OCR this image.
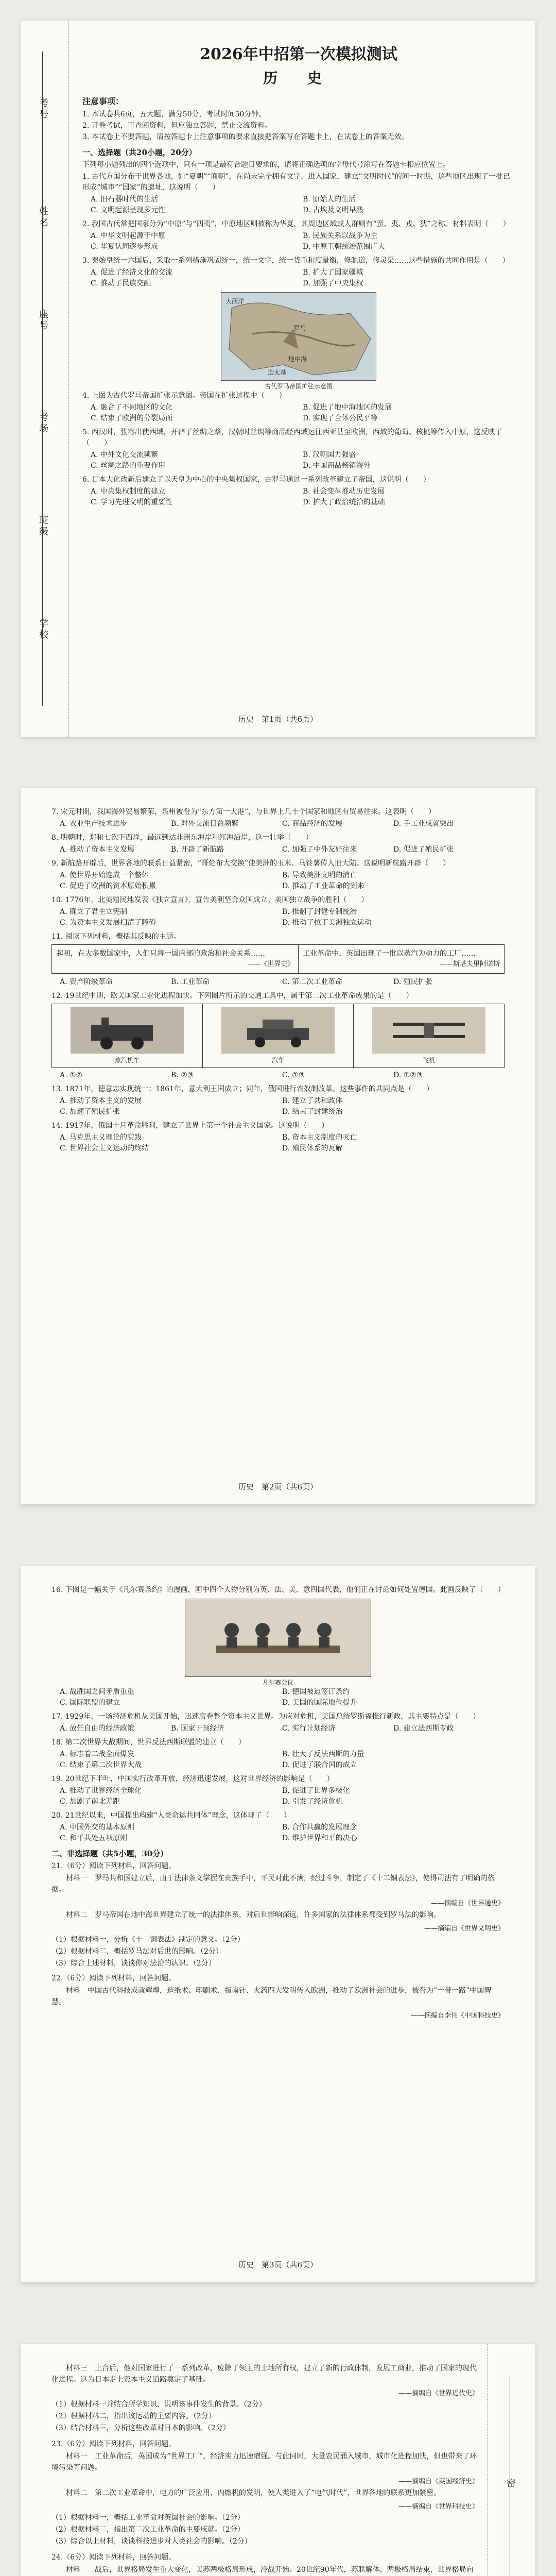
考号
姓名
座号
考场
班级
学校
2026年中招第一次模拟测试
历 史
注意事项：
1. 本试卷共6页，五大题，满分50分，考试时间50分钟。
2. 开卷考试，可查阅资料，但应独立答题，禁止交流资料。
3. 本试卷上不要答题，请按答题卡上注意事项的要求直接把答案写在答题卡上，在试卷上的答案无效。
一、选择题（共20小题，20分）
下列每小题列出的四个选项中，只有一项是最符合题目要求的，请将正确选项的字母代号涂写在答题卡相应位置上。
1. 古代方国分布于世界各地，如“夏朝”“商朝”，在尚未完全拥有文字，进入国家，建立“文明时代”的同一时期，这些地区出现了一批已形成“城市”“国家”的遗址，这说明（　　）
A. 旧石器时代的生活	B. 原始人的生活
C. 文明起源呈现多元性	D. 古埃及文明早熟
2. 我国古代常把国家分为“中原”与“四夷”，中原地区则被称为华夏，其周边区域或人群则有“蛮、夷、戎、狄”之称。材料表明（　　）
A. 中华文明起源于中原	B. 民族关系以战争为主
C. 华夏认同逐步形成	D. 中原王朝统治范围广大
3. 秦始皇统一六国后，采取一系列措施巩固统一，统一文字，统一货币和度量衡，修驰道，修灵渠……这些措施的共同作用是（　　）
A. 促进了经济文化的交流	B. 扩大了国家疆域
C. 推动了民族交融	D. 加强了中央集权
大西洋
地中海
罗马
迦太基
古代罗马帝国扩张示意图
4. 上图为古代罗马帝国扩张示意图。帝国在扩张过程中（　　）
A. 融合了不同地区的文化	B. 促进了地中海地区的发展
C. 结束了欧洲的分裂局面	D. 实现了全体公民平等
5. 西汉时，张骞出使西域，开辟了丝绸之路，汉朝时丝绸等商品经西域运往西亚甚至欧洲，西域的葡萄、核桃等传入中原，这反映了（　　）
A. 中外文化交流频繁	B. 汉朝国力强盛
C. 丝绸之路的重要作用	D. 中国商品畅销海外
6. 日本大化改新后建立了以天皇为中心的中央集权国家，古罗马通过一系列改革建立了帝国，这说明（　　）
A. 中央集权制度的建立	B. 社会变革推动历史发展
C. 学习先进文明的重要性	D. 扩大了政治统治的基础
历史　第1页（共6页）
7. 宋元时期，我国海外贸易繁荣，泉州被誉为“东方第一大港”，与世界上几十个国家和地区有贸易往来。这表明（　　）
A. 农业生产技术进步	B. 对外交流日益频繁	C. 商品经济的发展	D. 手工业成就突出
8. 明朝时，郑和七次下西洋，最远到达非洲东海岸和红海沿岸，这一壮举（　　）
A. 推动了资本主义发展	B. 开辟了新航路	C. 加强了中外友好往来	D. 促进了殖民扩张
9. 新航路开辟后，世界各地的联系日益紧密，“哥伦布大交换”使美洲的玉米、马铃薯传入旧大陆。这说明新航路开辟（　　）
A. 使世界开始连成一个整体	B. 导致美洲文明的消亡
C. 促进了欧洲的资本原始积累	D. 推动了工业革命的到来
10. 1776年，北美殖民地发表《独立宣言》，宣告美利坚合众国成立。美国独立战争的胜利（　　）
A. 确立了君主立宪制	B. 推翻了封建专制统治
C. 为资本主义发展扫清了障碍	D. 推动了拉丁美洲独立运动
11. 阅读下列材料，概括其反映的主题。
起初，在大多数国家中，人们只将一国内部的政治和社会关系……
——《世界史》

工业革命中，英国出现了一批以蒸汽为动力的工厂……
——斯塔夫里阿诺斯
A. 资产阶级革命	B. 工业革命	C. 第二次工业革命	D. 殖民扩张
12. 19世纪中期，欧美国家工业化进程加快。下列图片所示的交通工具中，属于第二次工业革命成果的是（　　）
蒸汽机车	汽车	飞机
A. ①②	B. ②③	C. ①③	D. ①②③
13. 1871年，德意志实现统一；1861年，意大利王国成立；同年，俄国进行农奴制改革。这些事件的共同点是（　　）
A. 推动了资本主义的发展	B. 建立了共和政体
C. 加速了殖民扩张	D. 结束了封建统治
14. 1917年，俄国十月革命胜利，建立了世界上第一个社会主义国家。这说明（　　）
A. 马克思主义理论的实践	B. 资本主义制度的灭亡
C. 世界社会主义运动的终结	D. 殖民体系的瓦解
历史　第2页（共6页）
16. 下图是一幅关于《凡尔赛条约》的漫画，画中四个人物分别为英、法、美、意四国代表，他们正在讨论如何处置德国。此画反映了（　　）
凡尔赛会议
A. 战胜国之间矛盾重重	B. 德国被迫签订条约
C. 国际联盟的建立	D. 美国的国际地位提升
17. 1929年，一场经济危机从美国开始，迅速席卷整个资本主义世界。为应对危机，美国总统罗斯福推行新政，其主要特点是（　　）
A. 放任自由的经济政策	B. 国家干预经济	C. 实行计划经济	D. 建立法西斯专政
18. 第二次世界大战期间，世界反法西斯联盟的建立（　　）
A. 标志着二战全面爆发	B. 壮大了反法西斯的力量
C. 结束了第二次世界大战	D. 促进了联合国的成立
19. 20世纪下半叶，中国实行改革开放，经济迅速发展，这对世界经济的影响是（　　）
A. 推动了世界经济全球化	B. 促进了世界多极化
C. 加剧了南北差距	D. 引发了经济危机
20. 21世纪以来，中国提出构建“人类命运共同体”理念，这体现了（　　）
A. 中国外交的基本原则	B. 合作共赢的发展理念
C. 和平共处五项原则	D. 维护世界和平的决心
二、非选择题（共5小题，30分）
21.（6分）阅读下列材料，回答问题。
材料一　罗马共和国建立后，由于法律条文掌握在贵族手中，平民对此不满，经过斗争，制定了《十二铜表法》，使得司法有了明确的依据。
——摘编自《世界通史》
材料二　罗马帝国在地中海世界建立了统一的法律体系，对后世影响深远，许多国家的法律体系都受到罗马法的影响。
——摘编自《世界文明史》
（1）根据材料一，分析《十二铜表法》制定的意义。（2分）
（2）根据材料二，概括罗马法对后世的影响。（2分）
（3）综合上述材料，谈谈你对法治的认识。（2分）
22.（6分）阅读下列材料，回答问题。
材料　中国古代科技成就辉煌，造纸术、印刷术、指南针、火药四大发明传入欧洲，推动了欧洲社会的进步，被誉为“一带一路”中国智慧。
——摘编自李伟《中国科技史》
历史　第3页（共6页）
密
材料三　上台后，他对国家进行了一系列改革，废除了领主的土地所有权，建立了新的行政体制，发展工商业，推动了国家的现代化进程。这为日本走上资本主义道路奠定了基础。
——摘编自《世界近代史》
（1）根据材料一并结合所学知识，说明该事件发生的背景。（2分）
（2）根据材料二，指出该运动的主要内容。（2分）
（3）结合材料三，分析这些改革对日本的影响。（2分）
23.（6分）阅读下列材料，回答问题。
材料一　工业革命后，英国成为“世界工厂”，经济实力迅速增强。与此同时，大量农民涌入城市，城市化进程加快，但也带来了环境污染等问题。
——摘编自《英国经济史》
材料二　第二次工业革命中，电力的广泛应用，内燃机的发明，使人类进入了“电气时代”，世界各地的联系更加紧密。
——摘编自《世界科技史》
（1）根据材料一，概括工业革命对英国社会的影响。（2分）
（2）根据材料二，指出第二次工业革命的主要成就。（2分）
（3）综合以上材料，谈谈科技进步对人类社会的影响。（2分）
24.（6分）阅读下列材料，回答问题。
材料　二战后，世界格局发生重大变化，美苏两极格局形成，冷战开始。20世纪90年代，苏联解体，两极格局结束，世界格局向
